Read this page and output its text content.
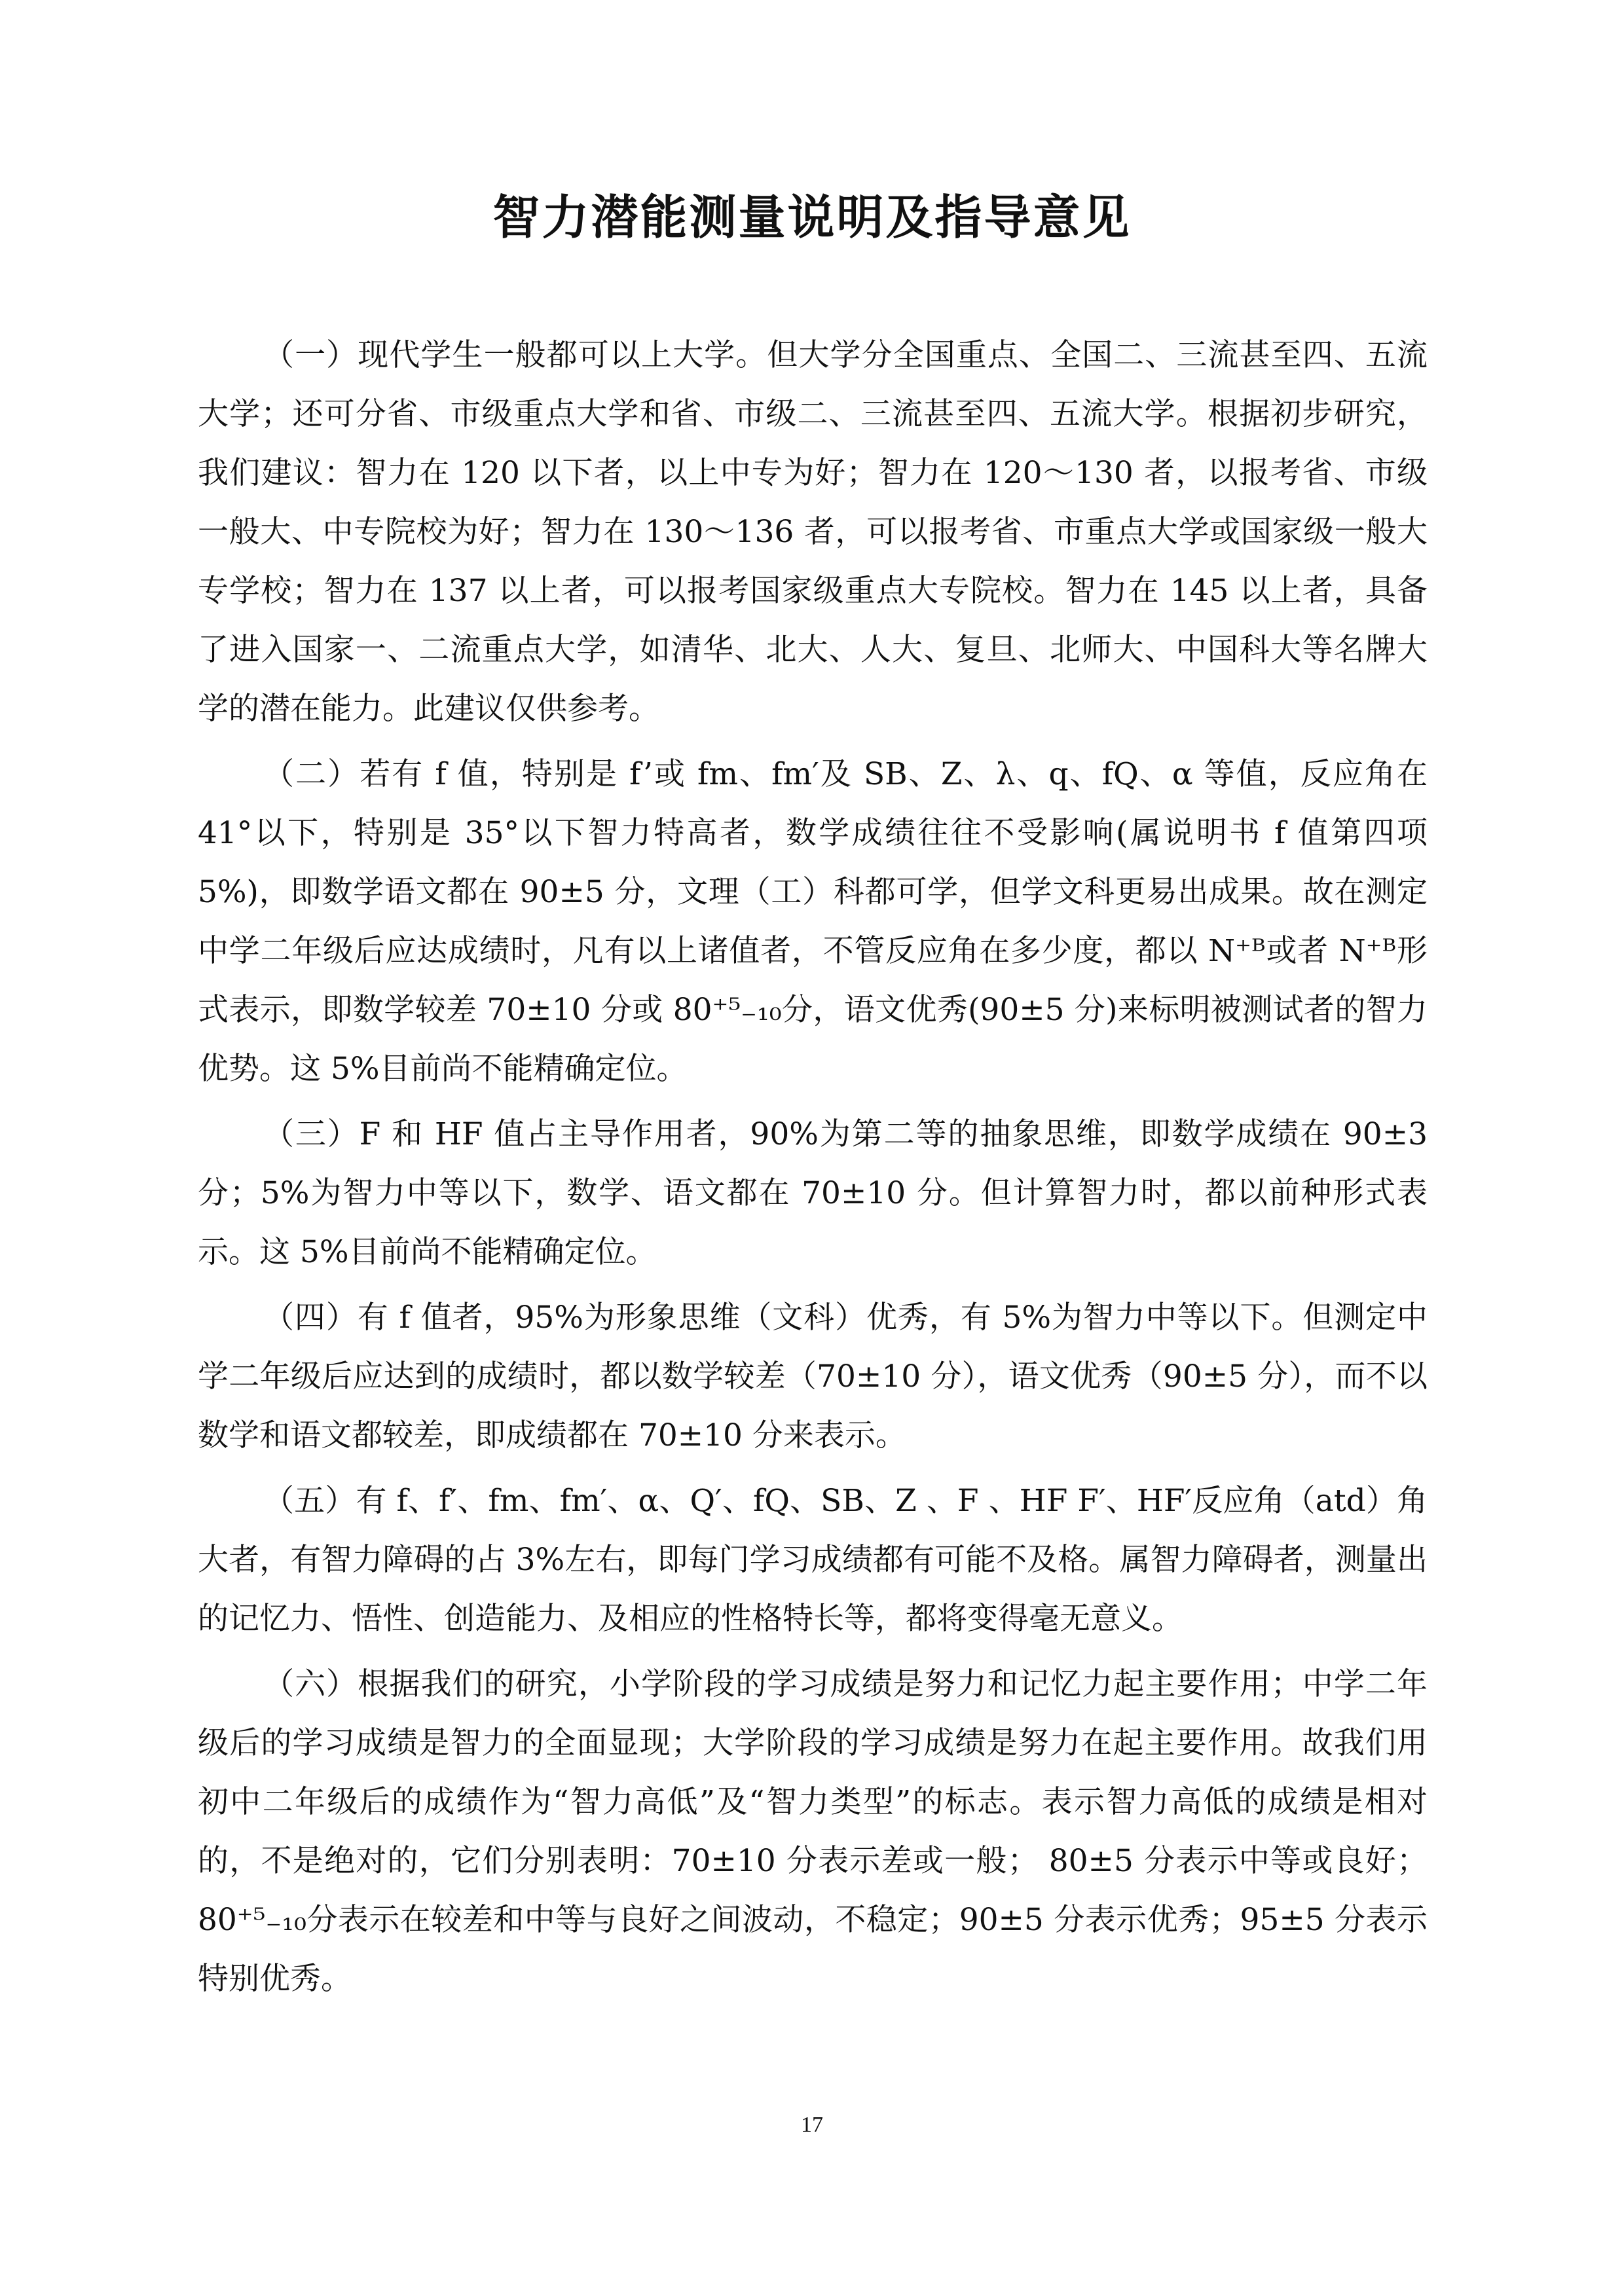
智力潜能测量说明及指导意见

（一）现代学生一般都可以上大学。但大学分全国重点、全国二、三流甚至四、五流大学；还可分省、市级重点大学和省、市级二、三流甚至四、五流大学。根据初步研究，我们建议：智力在 120 以下者，以上中专为好；智力在 120～130 者，以报考省、市级一般大、中专院校为好；智力在 130～136 者，可以报考省、市重点大学或国家级一般大专学校；智力在 137 以上者，可以报考国家级重点大专院校。智力在 145 以上者，具备了进入国家一、二流重点大学，如清华、北大、人大、复旦、北师大、中国科大等名牌大学的潜在能力。此建议仅供参考。

（二）若有 f 值，特别是 f’或 fm、fm′及 SB、Z、λ、q、fQ、α 等值，反应角在 41°以下，特别是 35°以下智力特高者，数学成绩往往不受影响(属说明书 f 值第四项 5%)，即数学语文都在 90±5 分，文理（工）科都可学，但学文科更易出成果。故在测定中学二年级后应达成绩时，凡有以上诸值者，不管反应角在多少度，都以 N⁺ᴮ或者 N⁺ᴮ形式表示，即数学较差 70±10 分或 80⁺⁵₋₁₀分，语文优秀(90±5 分)来标明被测试者的智力优势。这 5%目前尚不能精确定位。

（三）F 和 HF 值占主导作用者，90%为第二等的抽象思维，即数学成绩在 90±3 分；5%为智力中等以下，数学、语文都在 70±10 分。但计算智力时，都以前种形式表示。这 5%目前尚不能精确定位。

（四）有 f 值者，95%为形象思维（文科）优秀，有 5%为智力中等以下。但测定中学二年级后应达到的成绩时，都以数学较差（70±10 分），语文优秀（90±5 分），而不以数学和语文都较差，即成绩都在 70±10 分来表示。

（五）有 f、f′、fm、fm′、α、Q′、fQ、SB、Z 、F 、HF F′、HF′反应角（atd）角大者，有智力障碍的占 3%左右，即每门学习成绩都有可能不及格。属智力障碍者，测量出的记忆力、悟性、创造能力、及相应的性格特长等，都将变得毫无意义。

（六）根据我们的研究，小学阶段的学习成绩是努力和记忆力起主要作用；中学二年级后的学习成绩是智力的全面显现；大学阶段的学习成绩是努力在起主要作用。故我们用初中二年级后的成绩作为“智力高低”及“智力类型”的标志。表示智力高低的成绩是相对的，不是绝对的，它们分别表明：70±10 分表示差或一般； 80±5 分表示中等或良好；80⁺⁵₋₁₀分表示在较差和中等与良好之间波动，不稳定；90±5 分表示优秀；95±5 分表示特别优秀。

17
